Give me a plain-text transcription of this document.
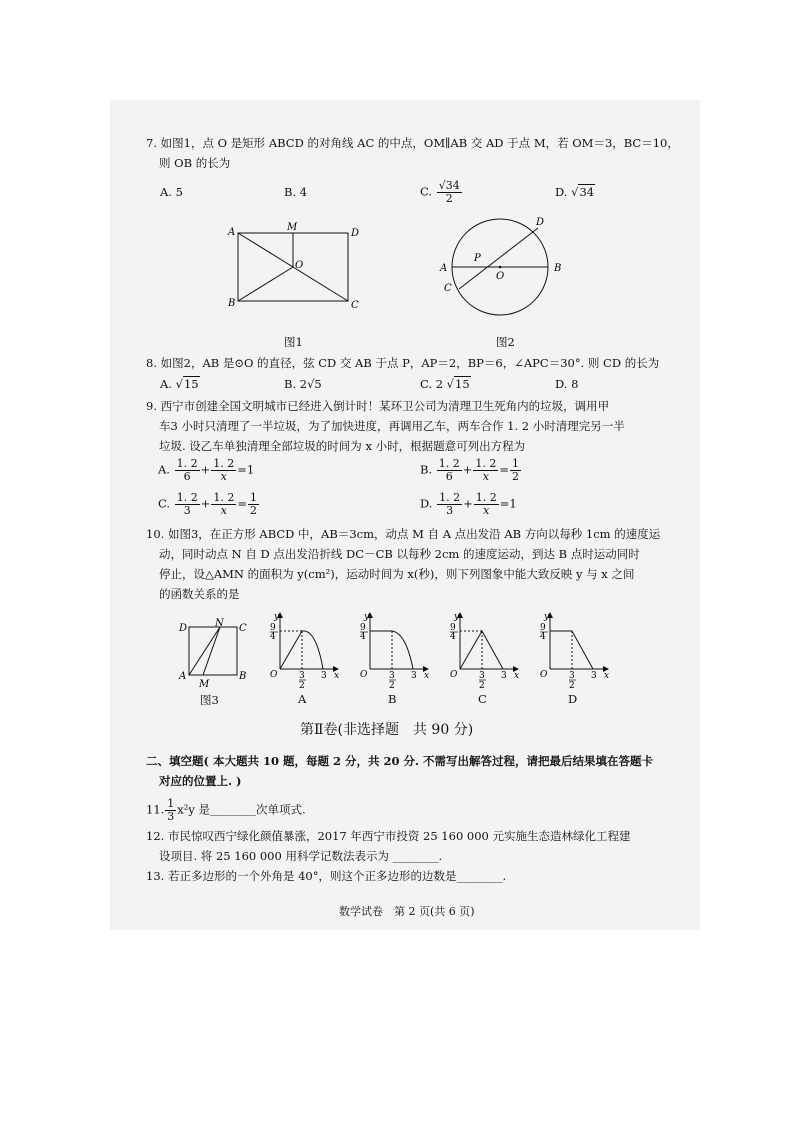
7. 如图1，点 O 是矩形 ABCD 的对角线 AC 的中点，OM∥AB 交 AD 于点 M，若 OM＝3，BC＝10，
则 OB 的长为
A. 5	B. 4	C. $\frac{√34}{2}$	D. √34
A	M
D
O
B	C
图1
D
A
P
O
B
C
图2
8. 如图2，AB 是⊙O 的直径，弦 CD 交 AB 于点 P，AP＝2，BP＝6，∠APC＝30°. 则 CD 的长为
A. √15	B. 2√5	C. 2 √15	D. 8
9. 西宁市创建全国文明城市已经进入倒计时！某环卫公司为清理卫生死角内的垃圾，调用甲
车3 小时只清理了一半垃圾，为了加快进度，再调用乙车，两车合作 1. 2 小时清理完另一半
垃圾. 设乙车单独清理全部垃圾的时间为 x 小时，根据题意可列出方程为
A. $\frac{1. 2}{6} + \frac{1. 2}{x} =1$	B. $\frac{1. 2}{6} + \frac{1. 2}{x} = \frac{1}{2}$
C. $\frac{1. 2}{3} + \frac{1. 2}{x} = \frac{1}{2}$	D. $\frac{1. 2}{3} + \frac{1. 2}{x} =1$
10. 如图3，在正方形 ABCD 中，AB＝3cm，动点 M 自 A 点出发沿 AB 方向以每秒 1cm 的速度运
动，同时动点 N 自 D 点出发沿折线 DC－CB 以每秒 2cm 的速度运动，到达 B 点时运动同时
停止，设△AMN 的面积为 y(cm²)，运动时间为 x(秒)，则下列图象中能大致反映 y 与 x 之间
的函数关系的是
D	N C
A
M
B
图3
y
9
4
O 3
2
3 x
y
9
4
O 3
2
3 x
y
9
4
O 3
2
3 x
y
9
4
O 3
2
3 x
A	B	C	D
第Ⅱ卷(非选择题　共 90 分)
二、填空题( 本大题共 10 题，每题 2 分，共 20 分. 不需写出解答过程，请把最后结果填在答题卡
对应的位置上. )
11. $\frac{1}{3} x^2y$ 是________次单项式.
12. 市民惊叹西宁绿化颜值暴涨，2017 年西宁市投资 25 160 000 元实施生态造林绿化工程建
设项目. 将 25 160 000 用科学记数法表示为 ________.
13. 若正多边形的一个外角是 40°，则这个正多边形的边数是________.
数学试卷　第 2 页(共 6 页)
